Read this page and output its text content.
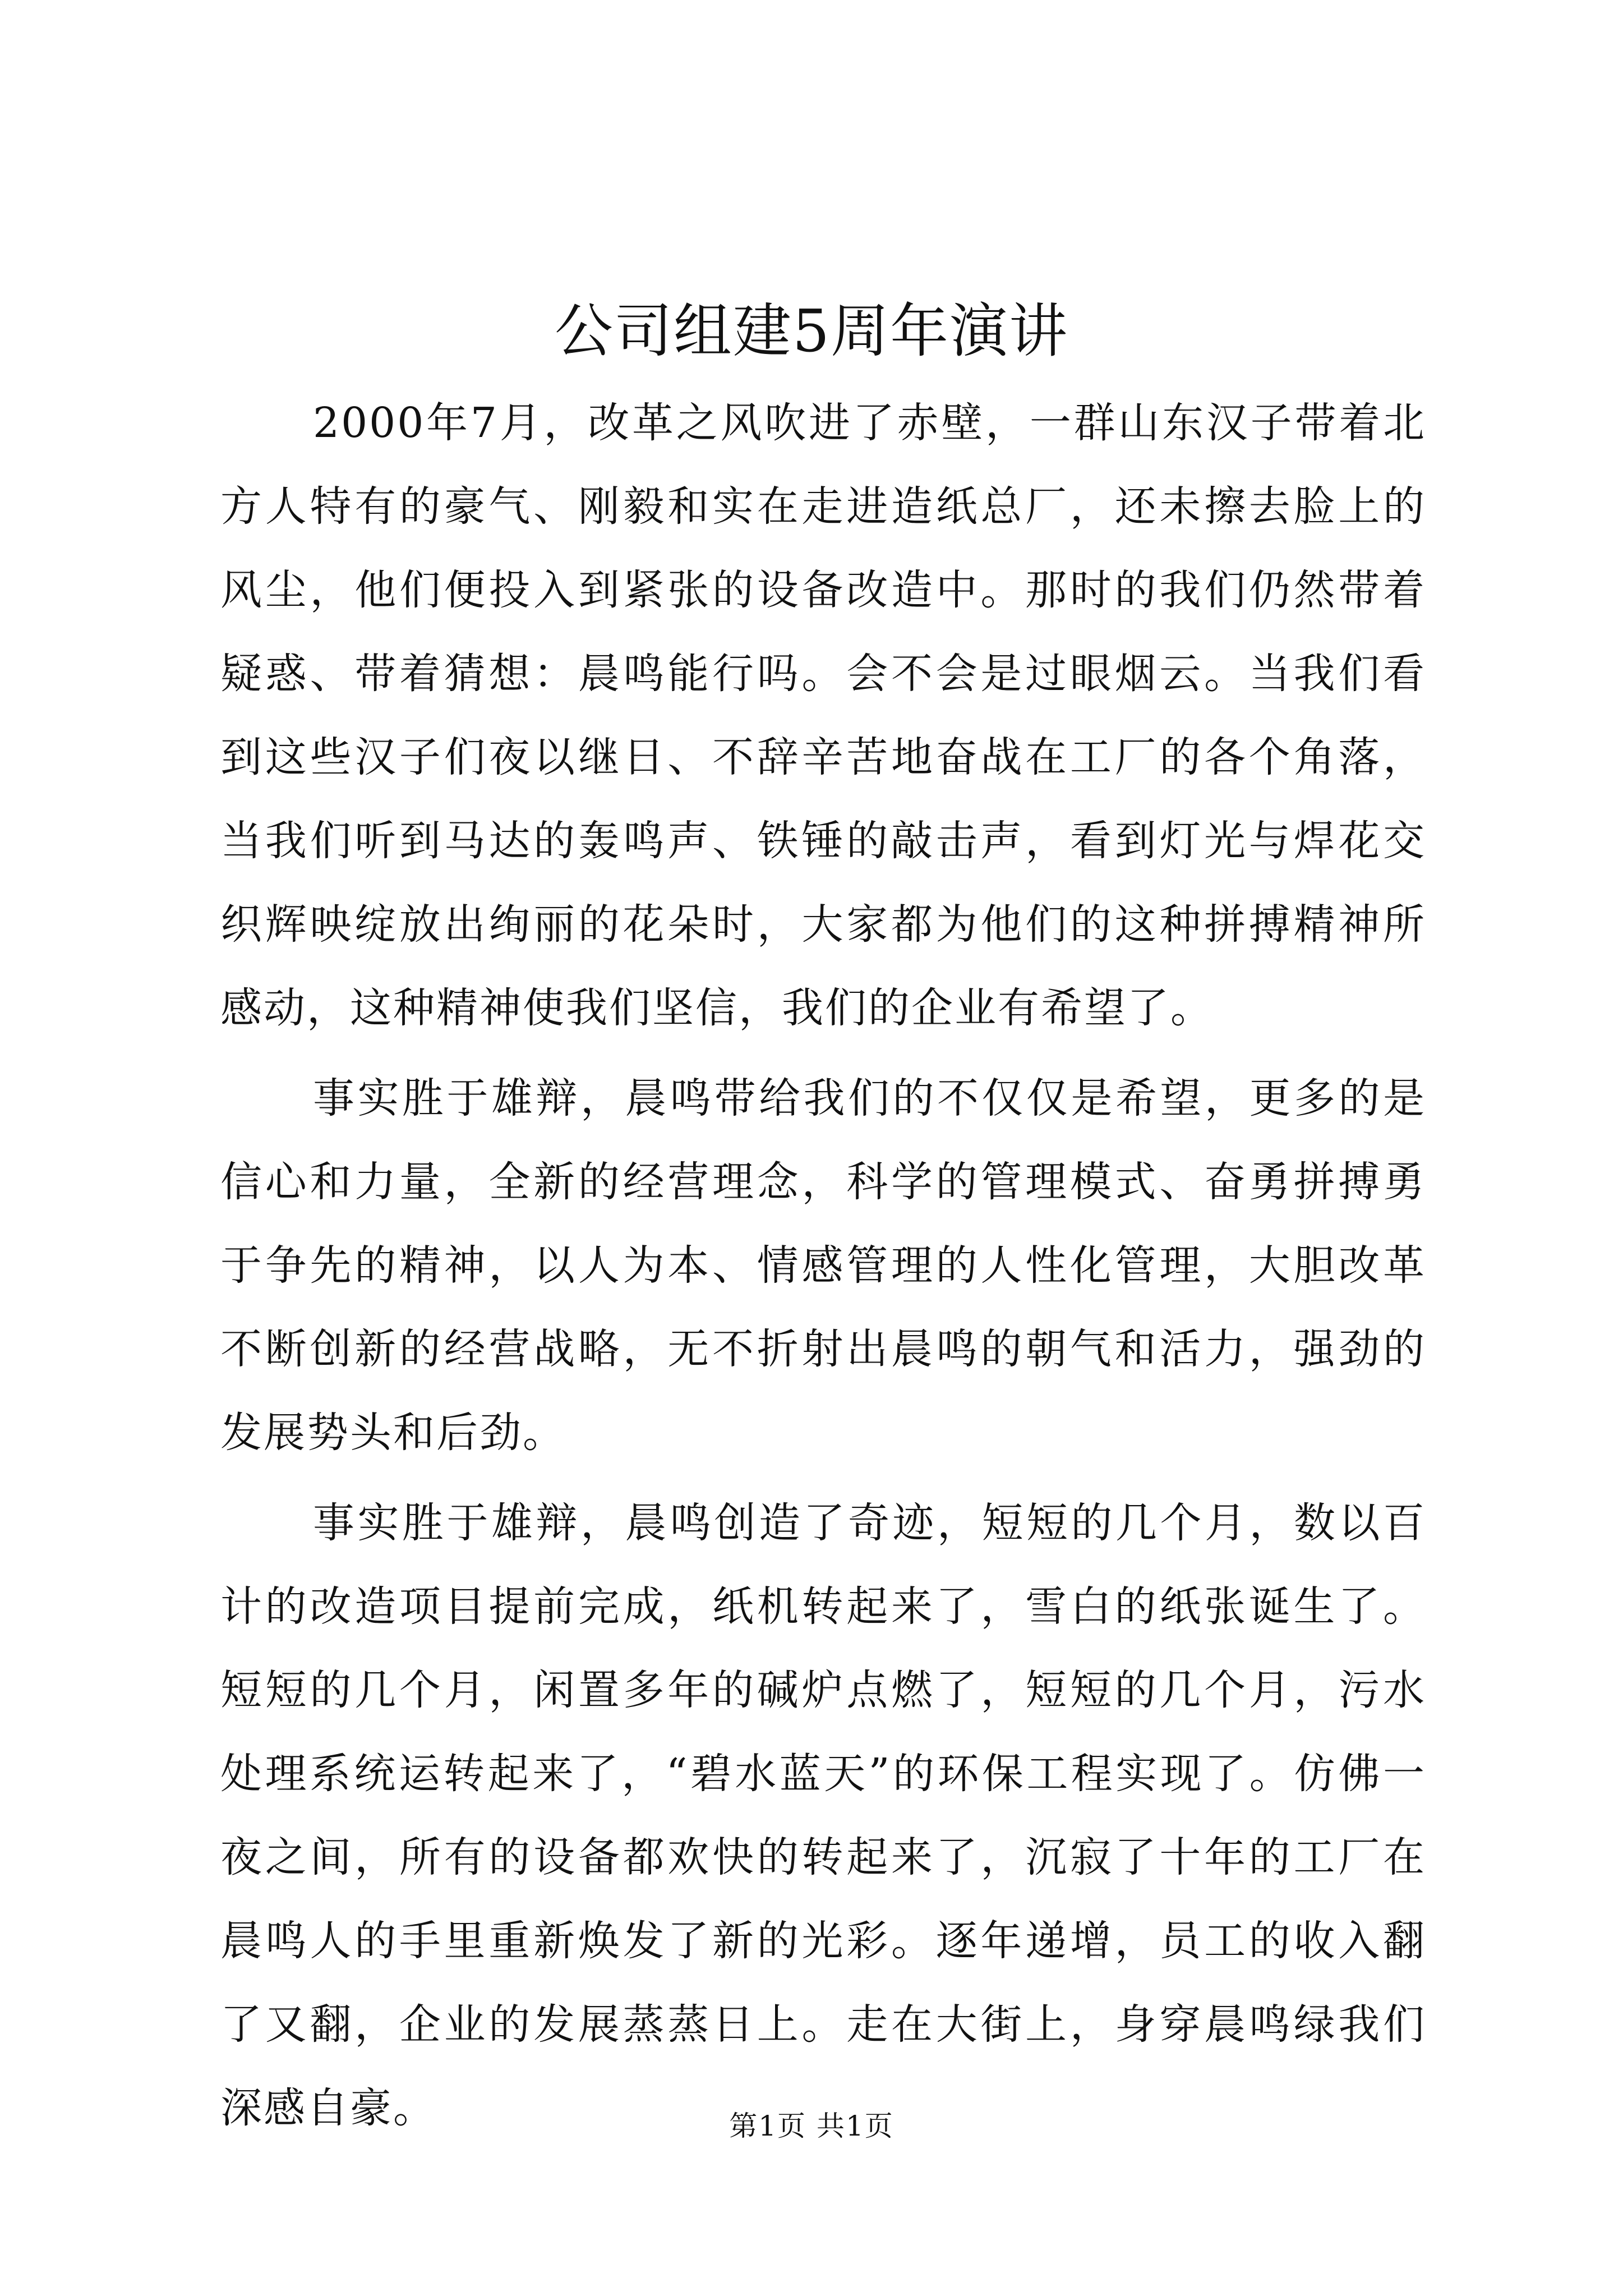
公司组建5周年演讲

2000年7月，改革之风吹进了赤壁，一群山东汉子带着北方人特有的豪气、刚毅和实在走进造纸总厂，还未擦去脸上的风尘，他们便投入到紧张的设备改造中。那时的我们仍然带着疑惑、带着猜想：晨鸣能行吗。会不会是过眼烟云。当我们看到这些汉子们夜以继日、不辞辛苦地奋战在工厂的各个角落，当我们听到马达的轰鸣声、铁锤的敲击声，看到灯光与焊花交织辉映绽放出绚丽的花朵时，大家都为他们的这种拼搏精神所感动，这种精神使我们坚信，我们的企业有希望了。

事实胜于雄辩，晨鸣带给我们的不仅仅是希望，更多的是信心和力量，全新的经营理念，科学的管理模式、奋勇拼搏勇于争先的精神，以人为本、情感管理的人性化管理，大胆改革不断创新的经营战略，无不折射出晨鸣的朝气和活力，强劲的发展势头和后劲。

事实胜于雄辩，晨鸣创造了奇迹，短短的几个月，数以百计的改造项目提前完成，纸机转起来了，雪白的纸张诞生了。短短的几个月，闲置多年的碱炉点燃了，短短的几个月，污水处理系统运转起来了，“碧水蓝天”的环保工程实现了。仿佛一夜之间，所有的设备都欢快的转起来了，沉寂了十年的工厂在晨鸣人的手里重新焕发了新的光彩。逐年递增，员工的收入翻了又翻，企业的发展蒸蒸日上。走在大街上，身穿晨鸣绿我们深感自豪。	第1页 共1页
